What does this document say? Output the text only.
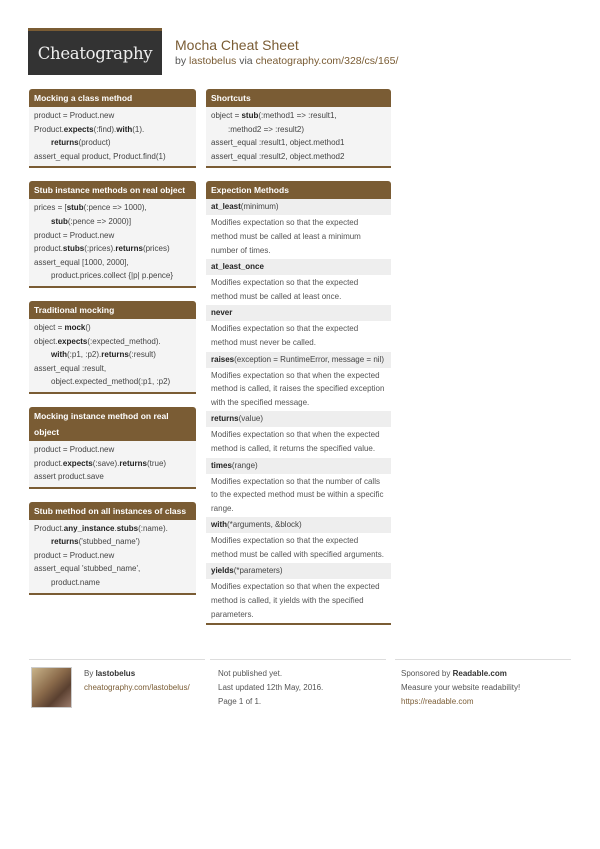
Cheatography	Mocha Cheat Sheet
by lastobelus via cheatography.com/328/cs/165/
Mocking a class method
product = Product.new
Product.expects(:find).with(1).
returns(product)
assert_equal product, Product.find(1)
Stub instance methods on real object
prices = [stub(:pence => 1000),
stub(:pence => 2000)]
product = Product.new
product.stubs(:prices).returns(prices)
assert_equal [1000, 2000],
product.prices.collect {|p| p.pence}
Traditional mocking
object = mock()
object.expects(:expected_method).
with(:p1, :p2).returns(:result)
assert_equal :result,
object.expected_method(:p1, :p2)
Mocking instance method on real object
product = Product.new
product.expects(:save).returns(true)
assert product.save
Stub method on all instances of class
Product.any_instance.stubs(:name).
returns('stubbed_name')
product = Product.new
assert_equal 'stubbed_name',
product.name
Shortcuts
object = stub(:method1 => :result1,
:method2 => :result2)
assert_equal :result1, object.method1
assert_equal :result2, object.method2
Expection Methods
at_least(minimum)
Modifies expectation so that the expected method must be called at least a minimum number of times.
at_least_once
Modifies expectation so that the expected method must be called at least once.
never
Modifies expectation so that the expected method must never be called.
raises(exception = RuntimeError, message = nil)
Modifies expectation so that when the expected method is called, it raises the specified exception with the specified message.
returns(value)
Modifies expectation so that when the expected method is called, it returns the specified value.
times(range)
Modifies expectation so that the number of calls to the expected method must be within a specific range.
with(*arguments, &block)
Modifies expectation so that the expected method must be called with specified arguments.
yields(*parameters)
Modifies expectation so that when the expected method is called, it yields with the specified parameters.
By lastobelus
cheatography.com/lastobelus/
Not published yet.
Last updated 12th May, 2016.
Page 1 of 1.
Sponsored by Readable.com
Measure your website readability!
https://readable.com
